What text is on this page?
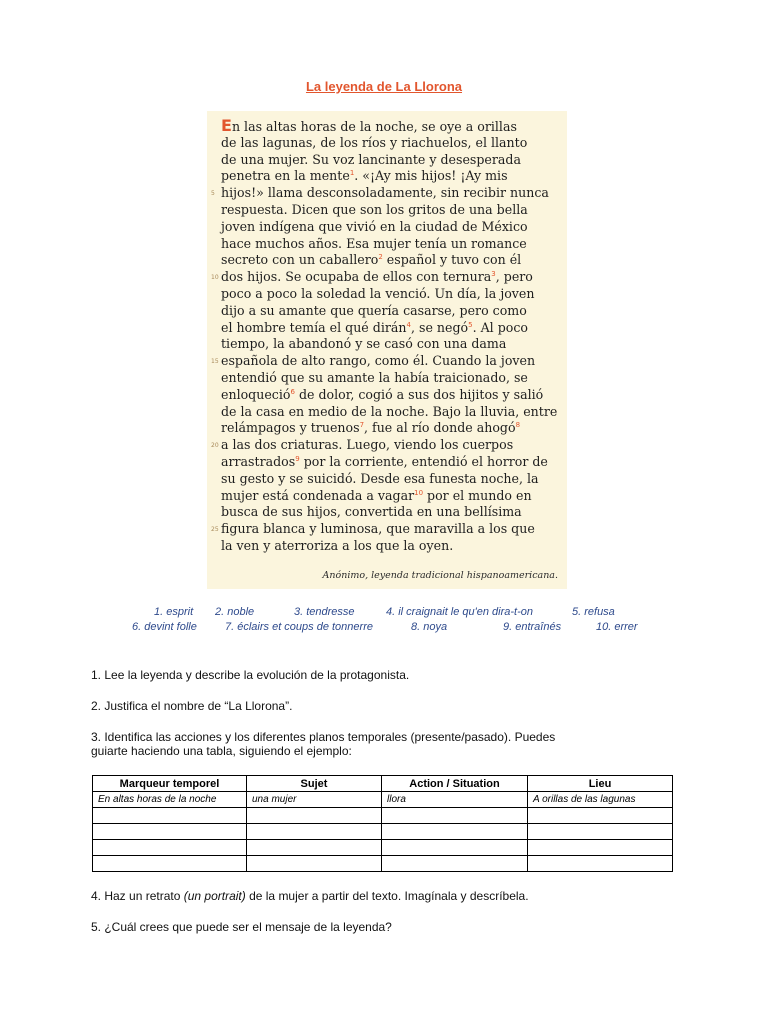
La leyenda de La Llorona
5
10
15
20
25
En las altas horas de la noche, se oye a orillas
de las lagunas, de los ríos y riachuelos, el llanto
de una mujer. Su voz lancinante y desesperada
penetra en la mente$^1$. «¡Ay mis hijos! ¡Ay mis
hijos!» llama desconsoladamente, sin recibir nunca
respuesta. Dicen que son los gritos de una bella
joven indígena que vivió en la ciudad de México
hace muchos años. Esa mujer tenía un romance
secreto con un caballero$^2$ español y tuvo con él
dos hijos. Se ocupaba de ellos con ternura$^3$, pero
poco a poco la soledad la venció. Un día, la joven
dijo a su amante que quería casarse, pero como
el hombre temía el qué dirán$^4$, se negó$^5$. Al poco
tiempo, la abandonó y se casó con una dama
española de alto rango, como él. Cuando la joven
entendió que su amante la había traicionado, se
enloqueció$^6$ de dolor, cogió a sus dos hijitos y salió
de la casa en medio de la noche. Bajo la lluvia, entre
relámpagos y truenos$^7$, fue al río donde ahogó$^8$
a las dos criaturas. Luego, viendo los cuerpos
arrastrados$^9$ por la corriente, entendió el horror de
su gesto y se suicidó. Desde esa funesta noche, la
mujer está condenada a vagar$^{10}$ por el mundo en
busca de sus hijos, convertida en una bellísima
figura blanca y luminosa, que maravilla a los que
la ven y aterroriza a los que la oyen.
Anónimo, leyenda tradicional hispanoamericana.
1. esprit 2. noble	3. tendresse	4. il craignait le qu'en dira-t-on	5. refusa
6. devint folle	7. éclairs et coups de tonnerre	8. noya	9. entraînés	10. errer
1. Lee la leyenda y describe la evolución de la protagonista.
2. Justifica el nombre de “La Llorona”.
3. Identifica las acciones y los diferentes planos temporales (presente/pasado). Puedes
guiarte haciendo una tabla, siguiendo el ejemplo:
Marqueur temporel	Sujet	Action / Situation	Lieu
En altas horas de la noche	una mujer	llora	A orillas de las lagunas

4. Haz un retrato (un portrait) de la mujer a partir del texto. Imagínala y descríbela.
5. ¿Cuál crees que puede ser el mensaje de la leyenda?
